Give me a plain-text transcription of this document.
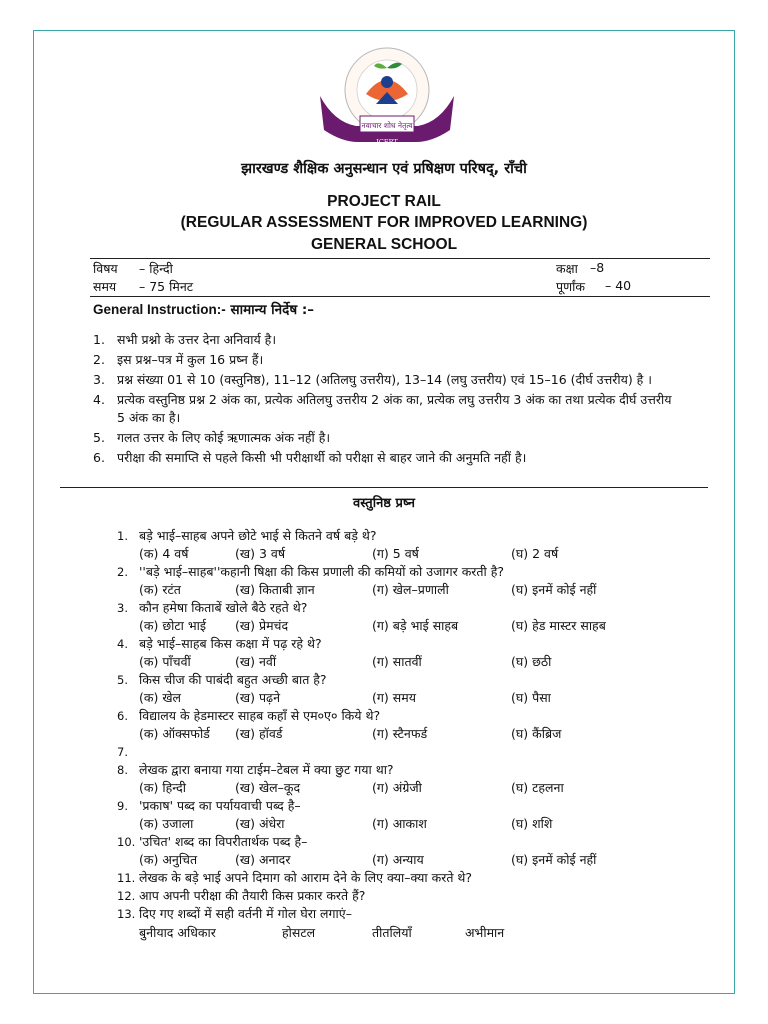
नवाचार शोध नेतृत्व
JCERT
झारखण्ड शैक्षिक अनुसन्धान एवं प्रषिक्षण परिषद्, राँची
PROJECT RAIL
(REGULAR ASSESSMENT FOR IMPROVED LEARNING)
GENERAL SCHOOL
विषय – हिन्दी	कक्षा –8
समय – 75 मिनट	पूर्णांक – 40
General Instruction:- सामान्य निर्देष :–
1. सभी प्रश्नो के उत्तर देना अनिवार्य है।
2. इस प्रश्न–पत्र में कुल 16 प्रष्न हैं।
3. प्रश्न संख्या 01 से 10 (वस्तुनिष्ठ), 11–12 (अतिलघु उत्तरीय), 13–14 (लघु उत्तरीय) एवं 15–16 (दीर्घ उत्तरीय) है ।
4. प्रत्येक वस्तुनिष्ठ प्रश्न 2 अंक का, प्रत्येक अतिलघु उत्तरीय 2 अंक का, प्रत्येक लघु उत्तरीय 3 अंक का तथा प्रत्येक दीर्घ उत्तरीय 5 अंक का है।
5. गलत उत्तर के लिए कोई ऋणात्मक अंक नहीं है।
6. परीक्षा की समाप्ति से पहले किसी भी परीक्षार्थी को परीक्षा से बाहर जाने की अनुमति नहीं है।
वस्तुनिष्ठ प्रष्न
1. बड़े भाई–साहब अपने छोटे भाई से कितने वर्ष बड़े थे?
(क) 4 वर्ष	(ख) 3 वर्ष	(ग) 5 वर्ष	(घ) 2 वर्ष
2. ''बड़े भाई–साहब''कहानी षिक्षा की किस प्रणाली की कमियों को उजागर करती है?
(क) रटंत	(ख) किताबी ज्ञान	(ग) खेल–प्रणाली	(घ) इनमें कोई नहीं
3. कौन हमेषा किताबें खोले बैठे रहते थे?
(क) छोटा भाई (ख) प्रेमचंद	(ग) बड़े भाई साहब	(घ) हेड मास्टर साहब
4. बड़े भाई–साहब किस कक्षा में पढ़ रहे थे?
(क) पाँचवीं	(ख) नवीं	(ग) सातवीं	(घ) छठी
5. किस चीज की पाबंदी बहुत अच्छी बात है?
(क) खेल	(ख) पढ़ने	(ग) समय	(घ) पैसा
6. विद्यालय के हेडमास्टर साहब कहाँ से एम०ए० किये थे?
(क) ऑक्सफोर्ड (ख) हॉवर्ड	(ग) स्टैनफर्ड	(घ) कैंब्रिज
7.
8. लेखक द्वारा बनाया गया टाईम–टेबल में क्या छुट गया था?
(क) हिन्दी	(ख) खेल–कूद	(ग) अंग्रेजी	(घ) टहलना
9. 'प्रकाष' पब्द का पर्यायवाची पब्द है–
(क) उजाला	(ख) अंधेरा	(ग) आकाश	(घ) शशि
10. 'उचित' शब्द का विपरीतार्थक पब्द है–
(क) अनुचित	(ख) अनादर	(ग) अन्याय	(घ) इनमें कोई नहीं
11. लेखक के बड़े भाई अपने दिमाग को आराम देने के लिए क्या–क्या करते थे?
12. आप अपनी परीक्षा की तैयारी किस प्रकार करते हैं?
13. दिए गए शब्दों में सही वर्तनी में गोल घेरा लगाएं–
बुनीयाद अधिकार	होसटल	तीतलियाँ	अभीमान
